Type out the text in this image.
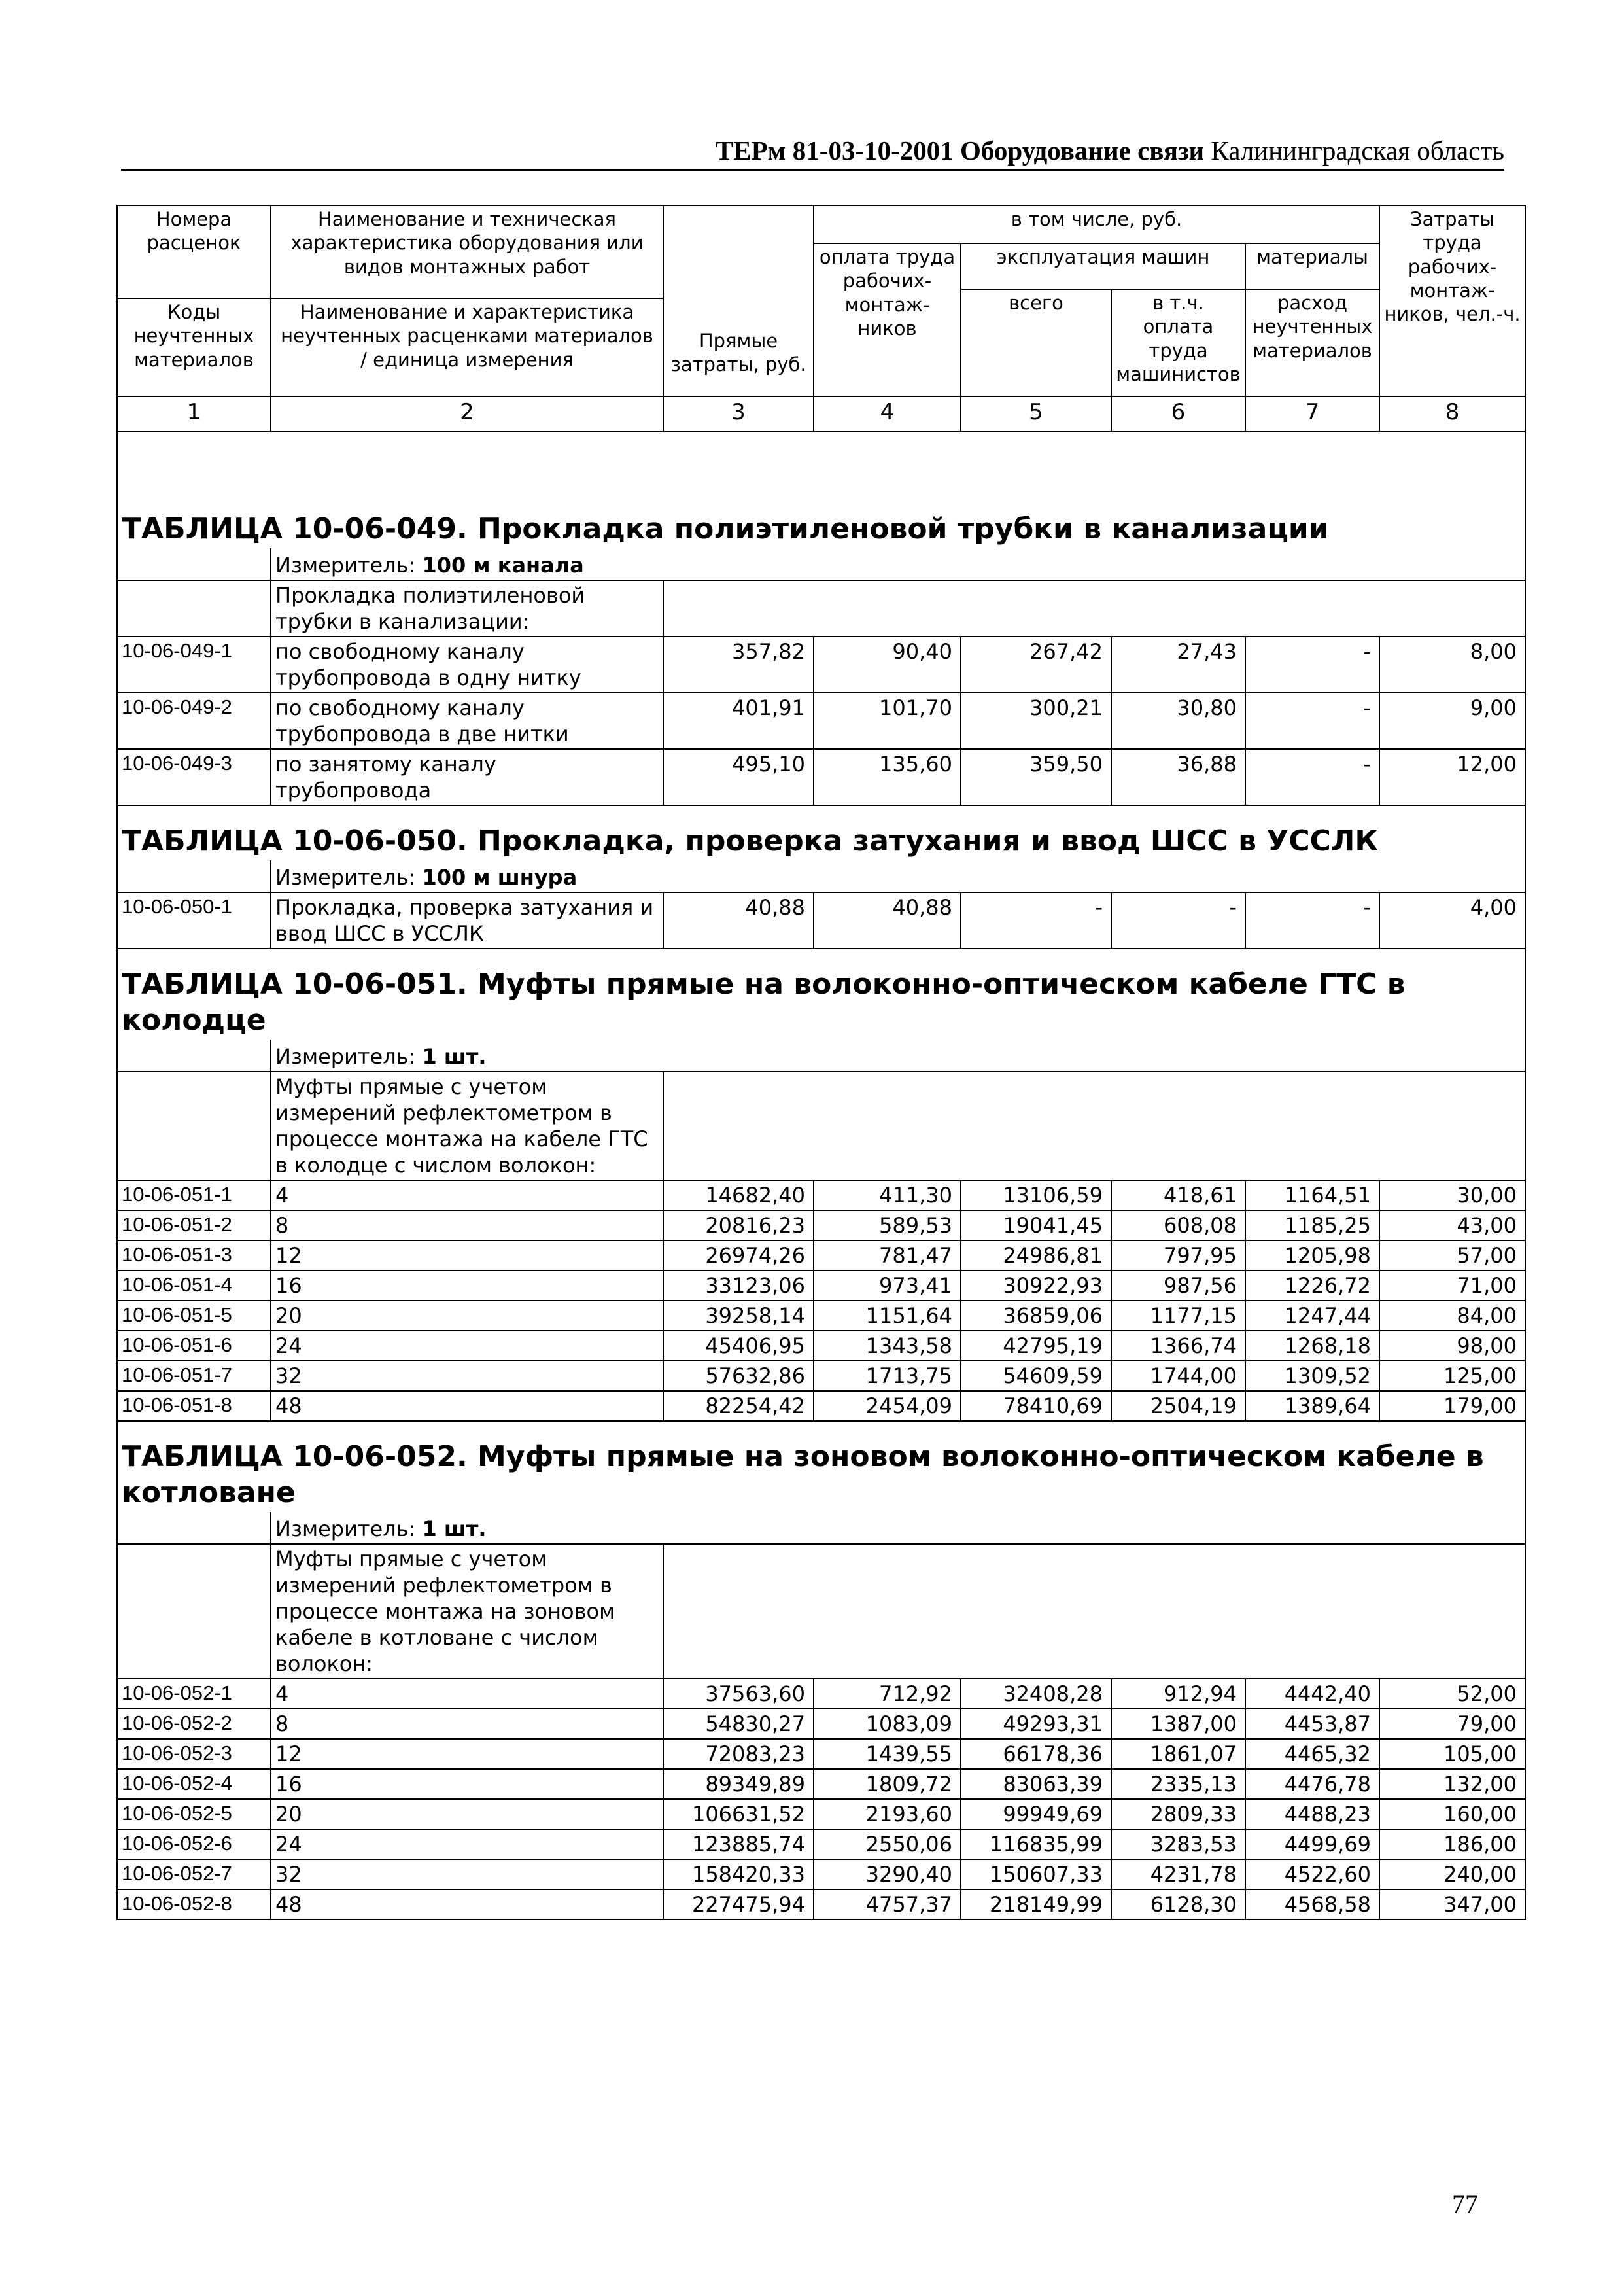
ТЕРм 81-03-10-2001 Оборудование связи Калининградская область
Номера расценок	Наименование и техническая характеристика оборудования или видов монтажных работ	Прямые затраты, руб.	в том числе, руб.				Затраты труда рабочих-монтаж-ников, чел.-ч.
			оплата труда рабочих-монтаж-ников	эксплуатация машин		материалы	
				всего	в т.ч. оплата труда машинистов	расход неучтенных материалов	
Коды неучтенных материалов	Наименование и характеристика неучтенных расценками материалов / единица измерения						

1	2	3	4	5	6	7	8

ТАБЛИЦА 10-06-049. Прокладка полиэтиленовой трубки в канализации							
	Измеритель: 100 м канала						
	Прокладка полиэтиленовой трубки в канализации:						
10-06-049-1	по свободному каналу трубопровода в одну нитку	357,82	90,40	267,42	27,43	-	8,00
10-06-049-2	по свободному каналу трубопровода в две нитки	401,91	101,70	300,21	30,80	-	9,00
10-06-049-3	по занятому каналу трубопровода	495,10	135,60	359,50	36,88	-	12,00
ТАБЛИЦА 10-06-050. Прокладка, проверка затухания и ввод ШСС в УССЛК							
	Измеритель: 100 м шнура						
10-06-050-1	Прокладка, проверка затухания и ввод ШСС в УССЛК	40,88	40,88	-	-	-	4,00
ТАБЛИЦА 10-06-051. Муфты прямые на волоконно-оптическом кабеле ГТС в колодце							
	Измеритель: 1 шт.						
	Муфты прямые с учетом измерений рефлектометром в процессе монтажа на кабеле ГТС в колодце с числом волокон:						
10-06-051-1	4	14682,40	411,30	13106,59	418,61	1164,51	30,00
10-06-051-2	8	20816,23	589,53	19041,45	608,08	1185,25	43,00
10-06-051-3	12	26974,26	781,47	24986,81	797,95	1205,98	57,00
10-06-051-4	16	33123,06	973,41	30922,93	987,56	1226,72	71,00
10-06-051-5	20	39258,14	1151,64	36859,06	1177,15	1247,44	84,00
10-06-051-6	24	45406,95	1343,58	42795,19	1366,74	1268,18	98,00
10-06-051-7	32	57632,86	1713,75	54609,59	1744,00	1309,52	125,00
10-06-051-8	48	82254,42	2454,09	78410,69	2504,19	1389,64	179,00
ТАБЛИЦА 10-06-052. Муфты прямые на зоновом волоконно-оптическом кабеле в котловане							
	Измеритель: 1 шт.						
	Муфты прямые с учетом измерений рефлектометром в процессе монтажа на зоновом кабеле в котловане с числом волокон:						
10-06-052-1	4	37563,60	712,92	32408,28	912,94	4442,40	52,00
10-06-052-2	8	54830,27	1083,09	49293,31	1387,00	4453,87	79,00
10-06-052-3	12	72083,23	1439,55	66178,36	1861,07	4465,32	105,00
10-06-052-4	16	89349,89	1809,72	83063,39	2335,13	4476,78	132,00
10-06-052-5	20	106631,52	2193,60	99949,69	2809,33	4488,23	160,00
10-06-052-6	24	123885,74	2550,06	116835,99	3283,53	4499,69	186,00
10-06-052-7	32	158420,33	3290,40	150607,33	4231,78	4522,60	240,00
10-06-052-8	48	227475,94	4757,37	218149,99	6128,30	4568,58	347,00
77
